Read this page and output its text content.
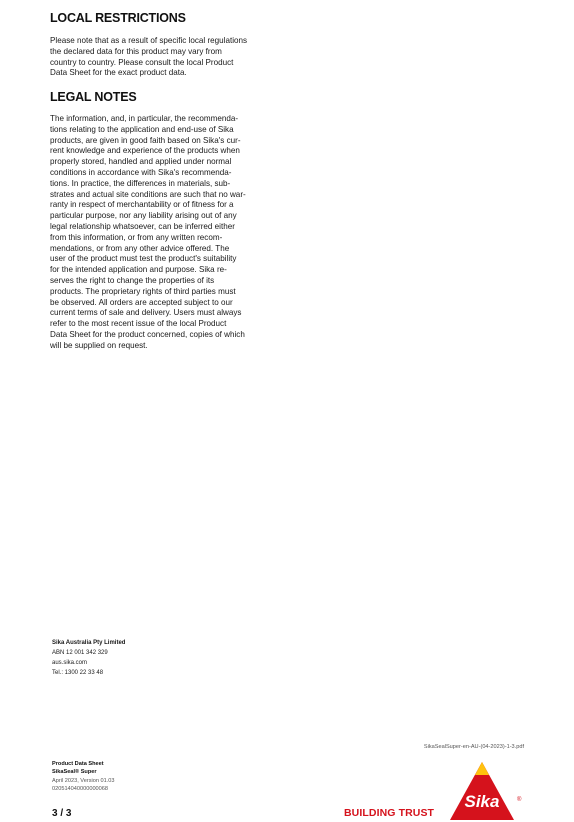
LOCAL RESTRICTIONS

Please note that as a result of specific local regulations
the declared data for this product may vary from
country to country. Please consult the local Product
Data Sheet for the exact product data.

LEGAL NOTES

The information, and, in particular, the recommenda-
tions relating to the application and end-use of Sika
products, are given in good faith based on Sika's cur-
rent knowledge and experience of the products when
properly stored, handled and applied under normal
conditions in accordance with Sika's recommenda-
tions. In practice, the differences in materials, sub-
strates and actual site conditions are such that no war-
ranty in respect of merchantability or of fitness for a
particular purpose, nor any liability arising out of any
legal relationship whatsoever, can be inferred either
from this information, or from any written recom-
mendations, or from any other advice offered. The
user of the product must test the product's suitability
for the intended application and purpose. Sika re-
serves the right to change the properties of its
products. The proprietary rights of third parties must
be observed. All orders are accepted subject to our
current terms of sale and delivery. Users must always
refer to the most recent issue of the local Product
Data Sheet for the product concerned, copies of which
will be supplied on request.

Sika Australia Pty Limited
ABN 12 001 342 329
aus.sika.com
Tel.: 1300 22 33 48
SikaSealSuper-en-AU-(04-2023)-1-3.pdf
Product Data Sheet
SikaSeal® Super
April 2023, Version 01.03
020514040000000068
3 / 3	BUILDING TRUST
Sika	®
